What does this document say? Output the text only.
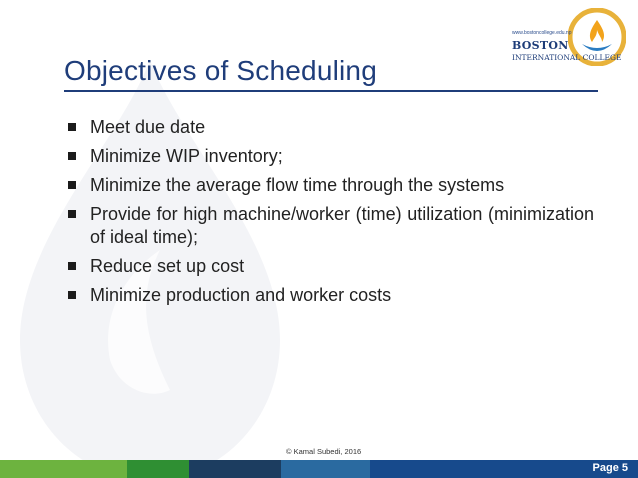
www.bostoncollege.edu.np
BOSTON
INTERNATIONAL COLLEGE
Objectives of Scheduling
Meet due date
Minimize WIP inventory;
Minimize the average flow time through the systems
Provide for high machine/worker (time) utilization (minimization of ideal time);
Reduce set up cost
Minimize production and worker costs
© Kamal Subedi, 2016
Page 5
